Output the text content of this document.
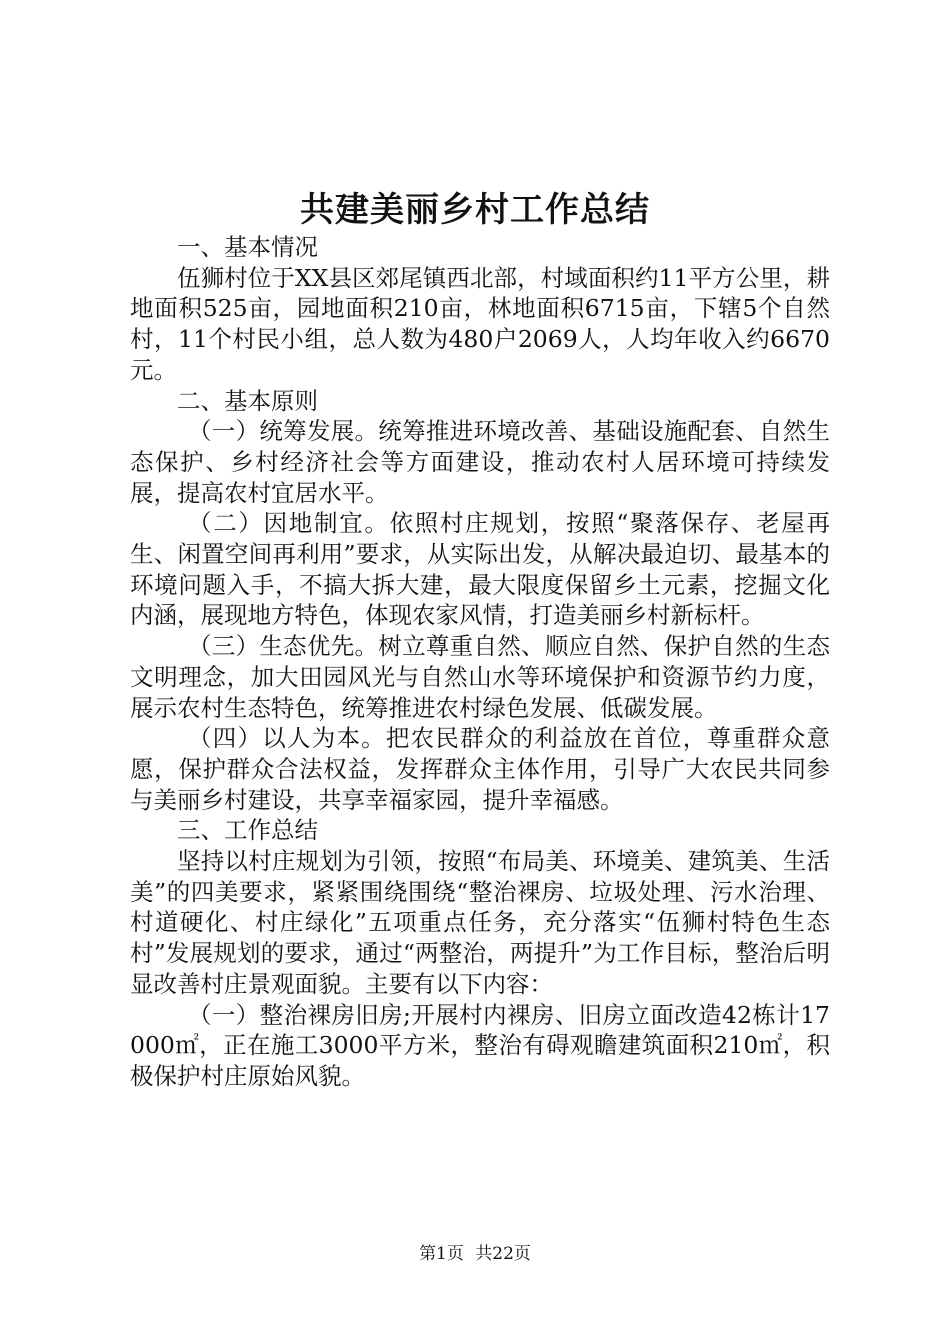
共建美丽乡村工作总结

一、基本情况

伍狮村位于XX县区郊尾镇西北部，村域面积约11平方公里，耕地面积525亩，园地面积210亩，林地面积6715亩，下辖5个自然村，11个村民小组，总人数为480户2069人，人均年收入约6670元。

二、基本原则

（一）统筹发展。统筹推进环境改善、基础设施配套、自然生态保护、乡村经济社会等方面建设，推动农村人居环境可持续发展，提高农村宜居水平。

（二）因地制宜。依照村庄规划，按照“聚落保存、老屋再生、闲置空间再利用”要求，从实际出发，从解决最迫切、最基本的环境问题入手，不搞大拆大建，最大限度保留乡土元素，挖掘文化内涵，展现地方特色，体现农家风情，打造美丽乡村新标杆。

（三）生态优先。树立尊重自然、顺应自然、保护自然的生态文明理念，加大田园风光与自然山水等环境保护和资源节约力度，展示农村生态特色，统筹推进农村绿色发展、低碳发展。

（四）以人为本。把农民群众的利益放在首位，尊重群众意愿，保护群众合法权益，发挥群众主体作用，引导广大农民共同参与美丽乡村建设，共享幸福家园，提升幸福感。

三、工作总结

坚持以村庄规划为引领，按照“布局美、环境美、建筑美、生活美”的四美要求，紧紧围绕围绕“整治裸房、垃圾处理、污水治理、村道硬化、村庄绿化”五项重点任务，充分落实“伍狮村特色生态村”发展规划的要求，通过“两整治，两提升”为工作目标，整治后明显改善村庄景观面貌。主要有以下内容：

（一）整治裸房旧房;开展村内裸房、旧房立面改造42栋计17000㎡，正在施工3000平方米，整治有碍观瞻建筑面积210㎡，积极保护村庄原始风貌。

第1页 共22页
